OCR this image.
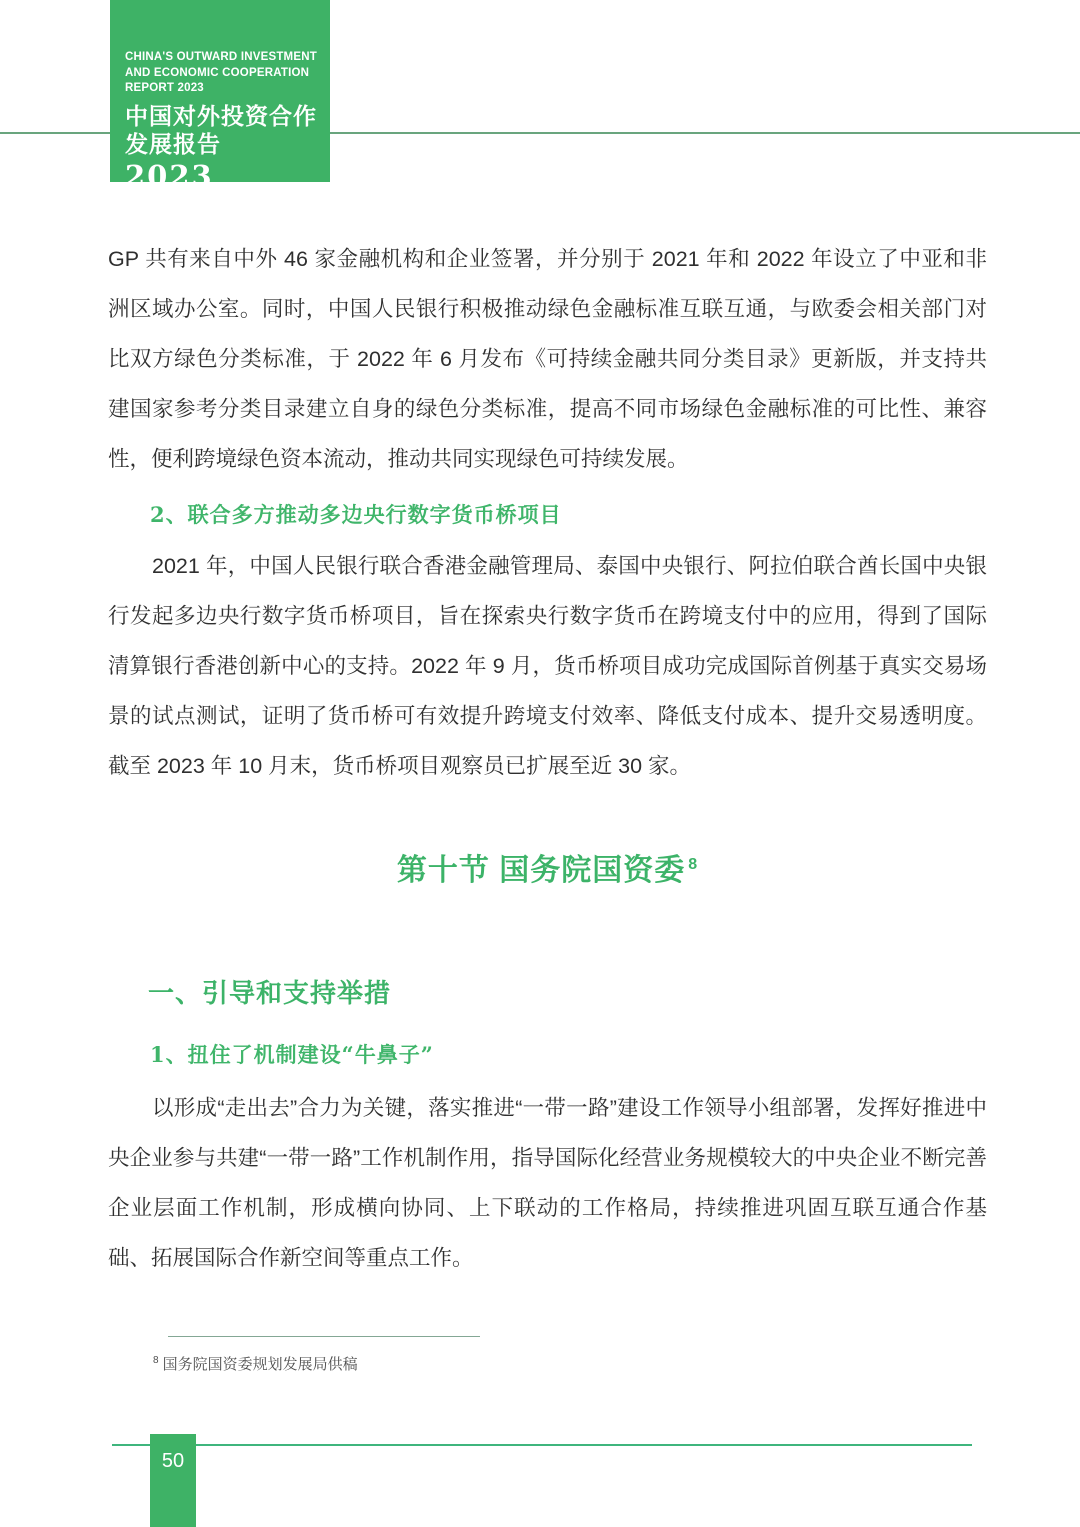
CHINA'S OUTWARD INVESTMENT
AND ECONOMIC COOPERATION
REPORT 2023
中国对外投资合作
发展报告
2023

GP 共有来自中外 46 家金融机构和企业签署，并分别于 2021 年和 2022 年设立了中亚和非洲区域办公室。同时，中国人民银行积极推动绿色金融标准互联互通，与欧委会相关部门对比双方绿色分类标准，于 2022 年 6 月发布《可持续金融共同分类目录》更新版，并支持共建国家参考分类目录建立自身的绿色分类标准，提高不同市场绿色金融标准的可比性、兼容性，便利跨境绿色资本流动，推动共同实现绿色可持续发展。

2、联合多方推动多边央行数字货币桥项目

2021 年，中国人民银行联合香港金融管理局、泰国中央银行、阿拉伯联合酋长国中央银行发起多边央行数字货币桥项目，旨在探索央行数字货币在跨境支付中的应用，得到了国际清算银行香港创新中心的支持。2022 年 9 月，货币桥项目成功完成国际首例基于真实交易场景的试点测试，证明了货币桥可有效提升跨境支付效率、降低支付成本、提升交易透明度。截至 2023 年 10 月末，货币桥项目观察员已扩展至近 30 家。

第十节 国务院国资委 $^8$
一、引导和支持举措
1、扭住了机制建设“牛鼻子”

以形成“走出去”合力为关键，落实推进“一带一路”建设工作领导小组部署，发挥好推进中央企业参与共建“一带一路”工作机制作用，指导国际化经营业务规模较大的中央企业不断完善企业层面工作机制，形成横向协同、上下联动的工作格局，持续推进巩固互联互通合作基础、拓展国际合作新空间等重点工作。

$^8$ 国务院国资委规划发展局供稿
50
